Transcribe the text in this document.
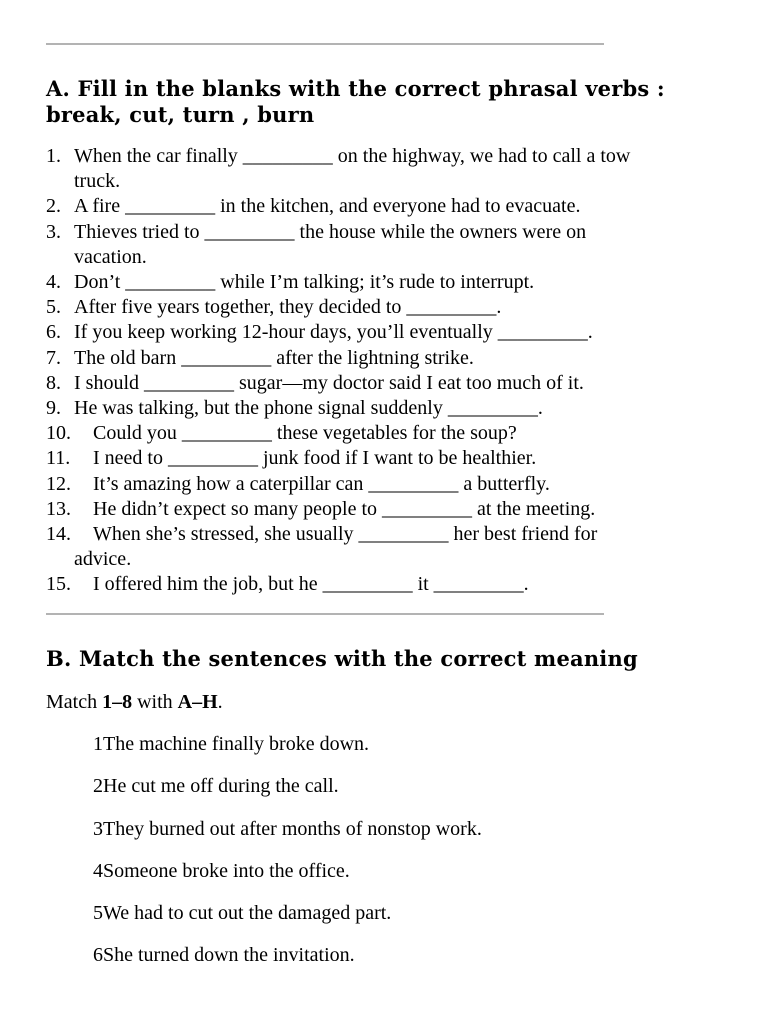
A. Fill in the blanks with the correct phrasal verbs :
break, cut, turn , burn
1. When the car finally _________ on the highway, we had to call a tow
truck.
2. A fire _________ in the kitchen, and everyone had to evacuate.
3. Thieves tried to _________ the house while the owners were on
vacation.
4. Don’t _________ while I’m talking; it’s rude to interrupt.
5. After five years together, they decided to _________.
6. If you keep working 12-hour days, you’ll eventually _________.
7. The old barn _________ after the lightning strike.
8. I should _________ sugar—my doctor said I eat too much of it.
9. He was talking, but the phone signal suddenly _________.
10.	Could you _________ these vegetables for the soup?
11.	I need to _________ junk food if I want to be healthier.
12.	It’s amazing how a caterpillar can _________ a butterfly.
13.	He didn’t expect so many people to _________ at the meeting.
14. When she’s stressed, she usually _________ her best friend for
advice.
15.	I offered him the job, but he _________ it _________.
B. Match the sentences with the correct meaning
Match 1–8 with A–H.
1The machine finally broke down.
2He cut me off during the call.
3They burned out after months of nonstop work.
4Someone broke into the office.
5We had to cut out the damaged part.
6She turned down the invitation.
